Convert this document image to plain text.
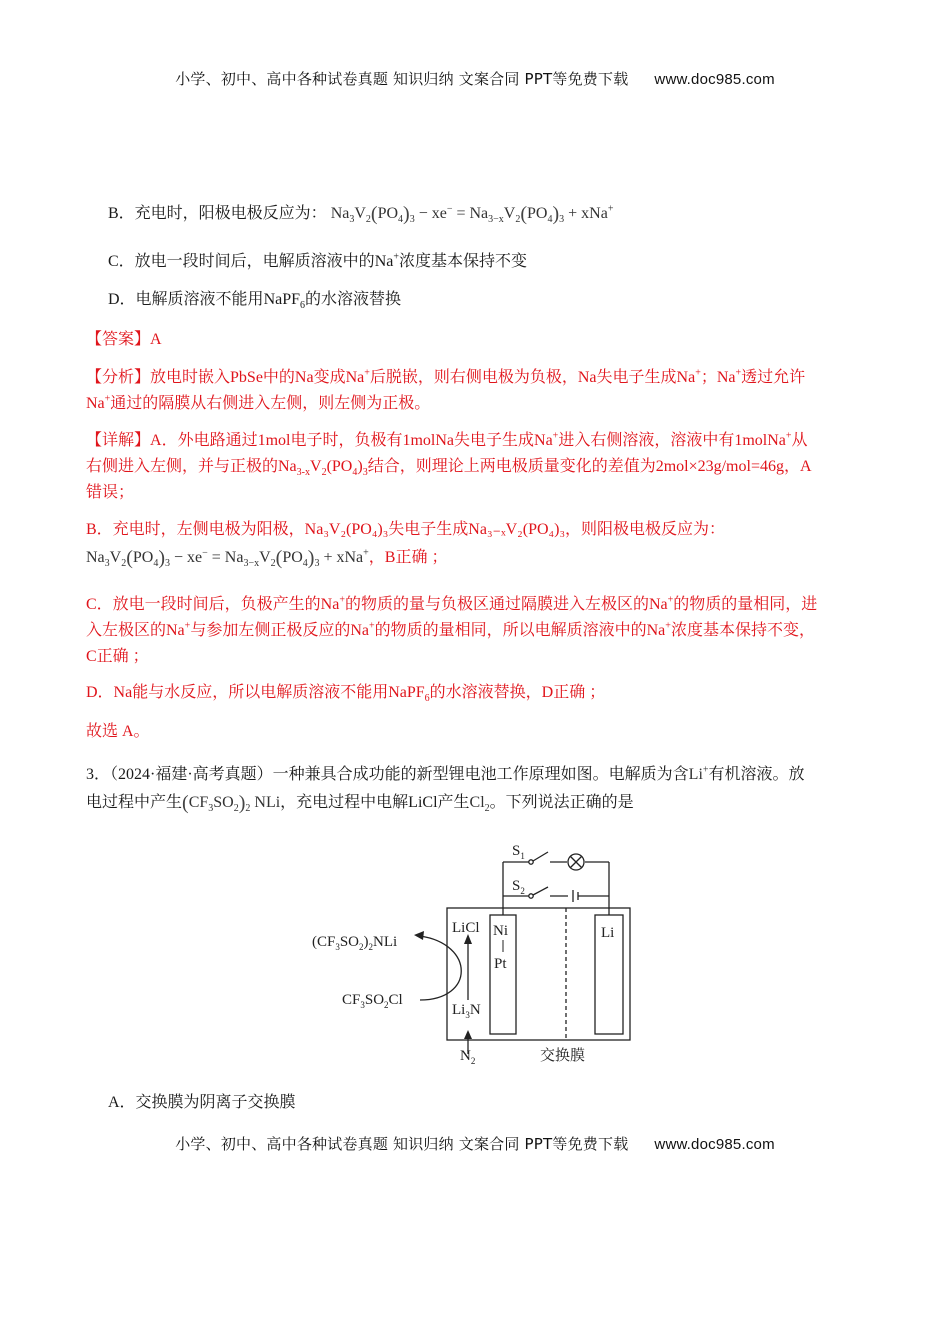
小学、初中、高中各种试卷真题 知识归纳 文案合同 PPT等免费下载 www.doc985.com
B．充电时，阳极电极反应为： $Na_3V_2(PO_4)_3 - xe^- = Na_{3-x}V_2(PO_4)_3 + xNa^+$
C．放电一段时间后，电解质溶液中的Na+浓度基本保持不变
D．电解质溶液不能用NaPF$_6$的水溶液替换
【答案】A
【分析】放电时嵌入PbSe中的Na变成Na+后脱嵌，则右侧电极为负极，Na失电子生成Na+；Na+透过允许
Na+通过的隔膜从右侧进入左侧，则左侧为正极。
【详解】A．外电路通过1mol电子时，负极有1molNa失电子生成Na+进入右侧溶液，溶液中有1molNa+从
右侧进入左侧，并与正极的$Na_{3-x}V_2(PO_4)_3$结合，则理论上两电极质量变化的差值为2mol×23g/mol=46g，A
错误；
B．充电时，左侧电极为阳极，Na₃V₂(PO₄)₃失电子生成Na₃₋ₓV₂(PO₄)₃，则阳极电极反应为：
$Na_3V_2(PO_4)_3 - xe^- = Na_{3-x}V_2(PO_4)_3 + xNa^+$，B正确 ；
C．放电一段时间后，负极产生的Na+的物质的量与负极区通过隔膜进入左极区的Na+的物质的量相同，进
入左极区的Na+与参加左侧正极反应的Na+的物质的量相同，所以电解质溶液中的Na+浓度基本保持不变，
C正确 ；
D．Na能与水反应，所以电解质溶液不能用NaPF$_6$的水溶液替换，D正确 ；
故选 A。
3．（2024·福建·高考真题）一种兼具合成功能的新型锂电池工作原理如图。电解质为含Li+有机溶液。放
电过程中产生$(CF_3SO_2)_2$ NLi，充电过程中电解LiCl产生$Cl_2$。下列说法正确的是
$S_1$
$S_2$
LiCl Ni
Pt
Li
$Li_3N$
$N_2$
$(CF_3SO_2)_2NLi$
$CF_3SO_2Cl$
交换膜
A．交换膜为阴离子交换膜
小学、初中、高中各种试卷真题 知识归纳 文案合同 PPT等免费下载 www.doc985.com
